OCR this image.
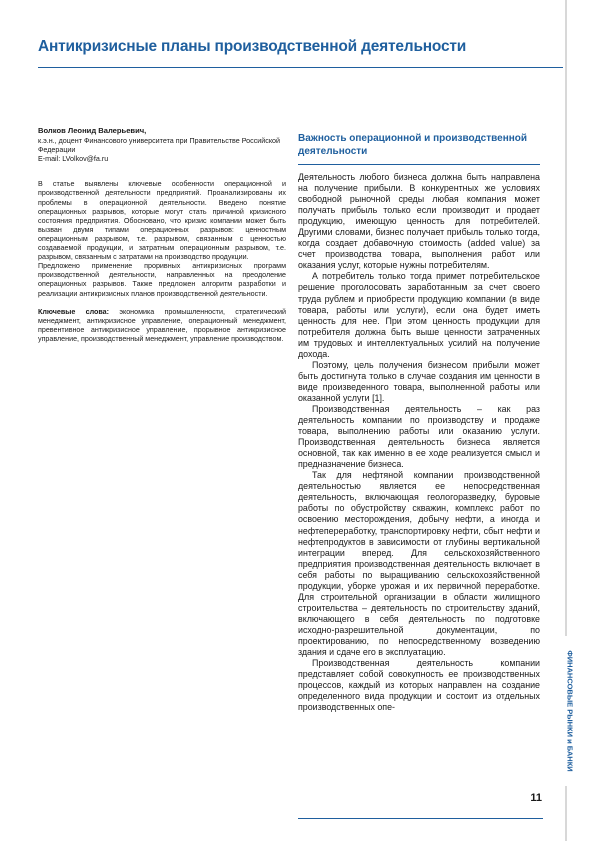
Антикризисные планы производственной деятельности
Волков Леонид Валерьевич,

к.э.н., доцент Финансового университета при Правительстве Российской Федерации

E-mail: LVolkov@fa.ru

В статье выявлены ключевые особенности операционной и производственной деятельности предприятий. Проанализированы их проблемы в операционной деятельности. Введено понятие операционных разрывов, которые могут стать причиной кризисного состояния предприятия. Обосновано, что кризис компании может быть вызван двумя типами операционных разрывов: ценностным операционным разрывом, т.е. разрывом, связанным с ценностью создаваемой продукции, и затратным операционным разрывом, т.е. разрывом, связанным с затратами на производство продукции.

Предложено применение проривных антикризисных программ производственной деятельности, направленных на преодоление операционных разрывов. Также предложен алгоритм разработки и реализации антикризисных планов производственной деятельности.

Ключевые слова: экономика промышленности, стратегический менеджмент, антикризисное управление, операционный менеджмент, превентивное антикризисное управление, прорывное антикризисное управление, производственный менеджмент, управление производством.
Важность операционной и производственной деятельности

Деятельность любого бизнеса должна быть направлена на получение прибыли. В конкурентных же условиях свободной рыночной среды любая компания может получать прибыль только если производит и продает продукцию, имеющую ценность для потребителей. Другими словами, бизнес получает прибыль только тогда, когда создает добавочную стоимость (added value) за счет производства товара, выполнения работ или оказания услуг, которые нужны потребителям.

А потребитель только тогда примет потребительское решение проголосовать заработанным за счет своего труда рублем и приобрести продукцию компании (в виде товара, работы или услуги), если она будет иметь ценность для нее. При этом ценность продукции для потребителя должна быть выше ценности затраченных им трудовых и интеллектуальных усилий на получение дохода.

Поэтому, цель получения бизнесом прибыли может быть достигнута только в случае создания им ценности в виде произведенного товара, выполненной работы или оказанной услуги [1].

Производственная деятельность – как раз деятельность компании по производству и продаже товара, выполнению работы или оказанию услуги. Производственная деятельность бизнеса является основной, так как именно в ее ходе реализуется смысл и предназначение бизнеса.

Так для нефтяной компании производственной деятельностью является ее непосредственная деятельность, включающая геологоразведку, буровые работы по обустройству скважин, комплекс работ по освоению месторождения, добычу нефти, а иногда и нефтепереработку, транспортировку нефти, сбыт нефти и нефтепродуктов в зависимости от глубины вертикальной интеграции вперед. Для сельскохозяйственного предприятия производственная деятельность включает в себя работы по выращиванию сельскохозяйственной продукции, уборке урожая и их первичной переработке. Для строительной организации в области жилищного строительства – деятельность по строительству зданий, включающего в себя деятельность по подготовке исходно-разрешительной документации, по проектированию, по непосредственному возведению здания и сдаче его в эксплуатацию.

Производственная деятельность компании представляет собой совокупность ее производственных процессов, каждый из которых направлен на создание определенного вида продукции и состоит из отдельных производственных опе-	ФИНАНСОВЫЕ РЫНКИ и БАНКИ
11
